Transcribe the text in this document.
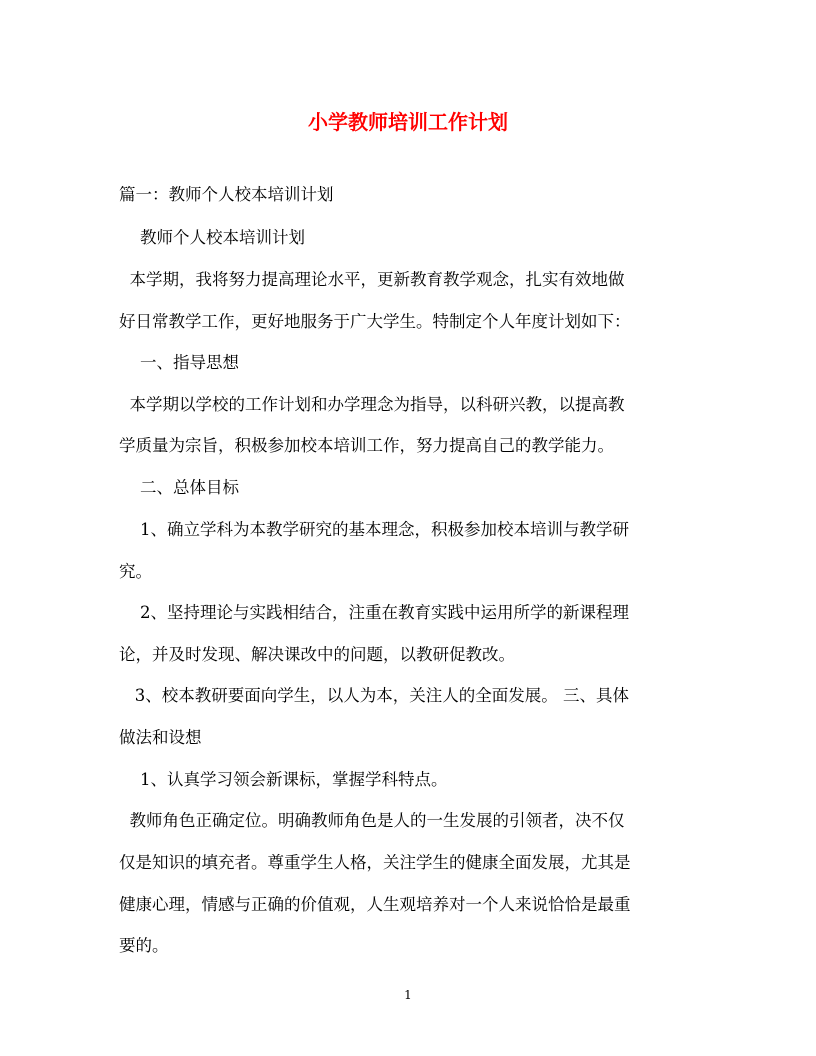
小学教师培训工作计划
篇一：教师个人校本培训计划
教师个人校本培训计划
本学期，我将努力提高理论水平，更新教育教学观念，扎实有效地做
好日常教学工作，更好地服务于广大学生。特制定个人年度计划如下：
一、指导思想
本学期以学校的工作计划和办学理念为指导，以科研兴教，以提高教
学质量为宗旨，积极参加校本培训工作，努力提高自己的教学能力。
二、总体目标
1、确立学科为本教学研究的基本理念，积极参加校本培训与教学研
究。
2、坚持理论与实践相结合，注重在教育实践中运用所学的新课程理
论，并及时发现、解决课改中的问题，以教研促教改。
3、校本教研要面向学生，以人为本，关注人的全面发展。 三、具体
做法和设想
1、认真学习领会新课标，掌握学科特点。
教师角色正确定位。明确教师角色是人的一生发展的引领者，决不仅
仅是知识的填充者。尊重学生人格，关注学生的健康全面发展，尤其是
健康心理，情感与正确的价值观，人生观培养对一个人来说恰恰是最重
要的。
1
